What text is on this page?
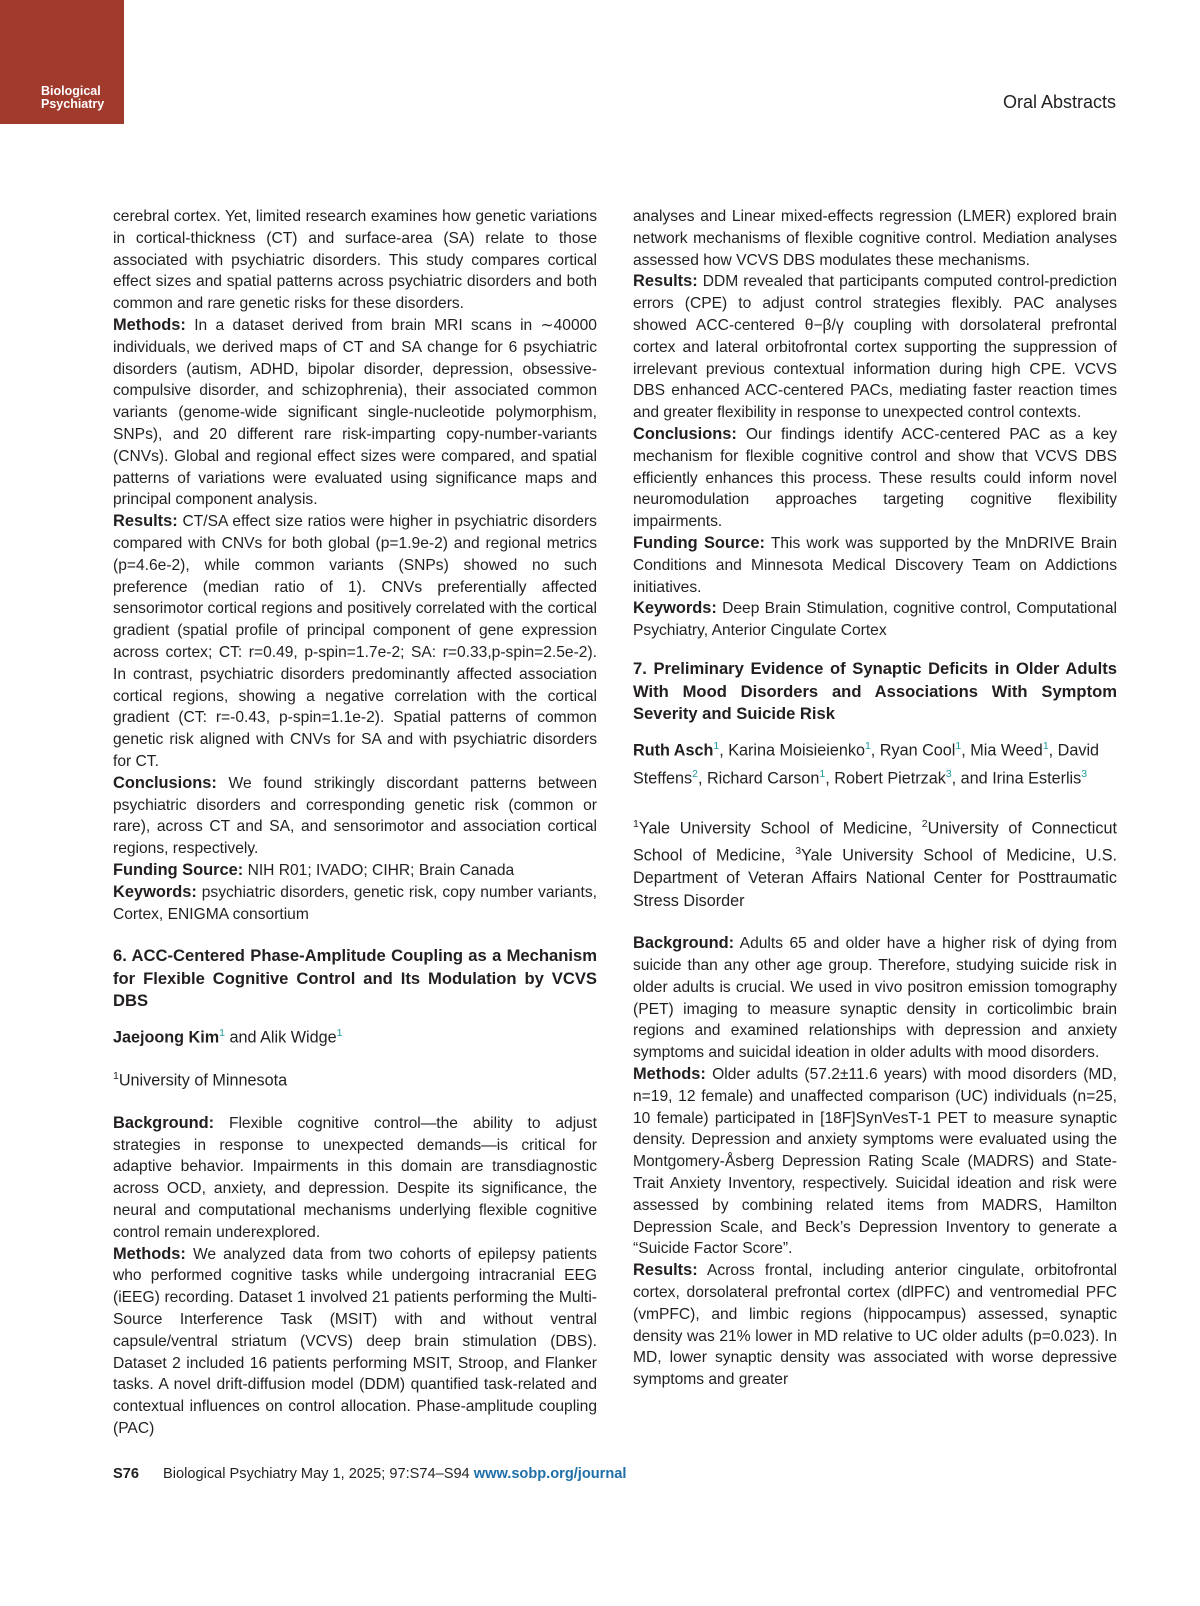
Biological
Psychiatry	Oral Abstracts

cerebral cortex. Yet, limited research examines how genetic variations in cortical-thickness (CT) and surface-area (SA) relate to those associated with psychiatric disorders. This study compares cortical effect sizes and spatial patterns across psychiatric disorders and both common and rare genetic risks for these disorders.

Methods: In a dataset derived from brain MRI scans in ∼40000 individuals, we derived maps of CT and SA change for 6 psychiatric disorders (autism, ADHD, bipolar disorder, depression, obsessive-compulsive disorder, and schizophrenia), their associated common variants (genome-wide significant single-nucleotide polymorphism, SNPs), and 20 different rare risk-imparting copy-number-variants (CNVs). Global and regional effect sizes were compared, and spatial patterns of variations were evaluated using significance maps and principal component analysis.

Results: CT/SA effect size ratios were higher in psychiatric disorders compared with CNVs for both global (p=1.9e-2) and regional metrics (p=4.6e-2), while common variants (SNPs) showed no such preference (median ratio of 1). CNVs preferentially affected sensorimotor cortical regions and positively correlated with the cortical gradient (spatial profile of principal component of gene expression across cortex; CT: r=0.49, p-spin=1.7e-2; SA: r=0.33,p-spin=2.5e-2). In contrast, psychiatric disorders predominantly affected association cortical regions, showing a negative correlation with the cortical gradient (CT: r=-0.43, p-spin=1.1e-2). Spatial patterns of common genetic risk aligned with CNVs for SA and with psychiatric disorders for CT.

Conclusions: We found strikingly discordant patterns between psychiatric disorders and corresponding genetic risk (common or rare), across CT and SA, and sensorimotor and association cortical regions, respectively.

Funding Source: NIH R01; IVADO; CIHR; Brain Canada

Keywords: psychiatric disorders, genetic risk, copy number variants, Cortex, ENIGMA consortium

6. ACC-Centered Phase-Amplitude Coupling as a Mechanism for Flexible Cognitive Control and Its Modulation by VCVS DBS

Jaejoong Kim$^1$ and Alik Widge$^1$

$^1$University of Minnesota

Background: Flexible cognitive control—the ability to adjust strategies in response to unexpected demands—is critical for adaptive behavior. Impairments in this domain are transdiagnostic across OCD, anxiety, and depression. Despite its significance, the neural and computational mechanisms underlying flexible cognitive control remain underexplored.

Methods: We analyzed data from two cohorts of epilepsy patients who performed cognitive tasks while undergoing intracranial EEG (iEEG) recording. Dataset 1 involved 21 patients performing the Multi-Source Interference Task (MSIT) with and without ventral capsule/ventral striatum (VCVS) deep brain stimulation (DBS). Dataset 2 included 16 patients performing MSIT, Stroop, and Flanker tasks. A novel drift-diffusion model (DDM) quantified task-related and contextual influences on control allocation. Phase-amplitude coupling (PAC)

analyses and Linear mixed-effects regression (LMER) explored brain network mechanisms of flexible cognitive control. Mediation analyses assessed how VCVS DBS modulates these mechanisms.

Results: DDM revealed that participants computed control-prediction errors (CPE) to adjust control strategies flexibly. PAC analyses showed ACC-centered θ−β/γ coupling with dorsolateral prefrontal cortex and lateral orbitofrontal cortex supporting the suppression of irrelevant previous contextual information during high CPE. VCVS DBS enhanced ACC-centered PACs, mediating faster reaction times and greater flexibility in response to unexpected control contexts.

Conclusions: Our findings identify ACC-centered PAC as a key mechanism for flexible cognitive control and show that VCVS DBS efficiently enhances this process. These results could inform novel neuromodulation approaches targeting cognitive flexibility impairments.

Funding Source: This work was supported by the MnDRIVE Brain Conditions and Minnesota Medical Discovery Team on Addictions initiatives.

Keywords: Deep Brain Stimulation, cognitive control, Computational Psychiatry, Anterior Cingulate Cortex

7. Preliminary Evidence of Synaptic Deficits in Older Adults With Mood Disorders and Associations With Symptom Severity and Suicide Risk

Ruth Asch$^1$, Karina Moisieienko$^1$, Ryan Cool$^1$, Mia Weed$^1$, David Steffens$^2$, Richard Carson$^1$, Robert Pietrzak$^3$, and Irina Esterlis$^3$

$^1$Yale University School of Medicine, $^2$University of Connecticut School of Medicine, $^3$Yale University School of Medicine, U.S. Department of Veteran Affairs National Center for Posttraumatic Stress Disorder

Background: Adults 65 and older have a higher risk of dying from suicide than any other age group. Therefore, studying suicide risk in older adults is crucial. We used in vivo positron emission tomography (PET) imaging to measure synaptic density in corticolimbic brain regions and examined relationships with depression and anxiety symptoms and suicidal ideation in older adults with mood disorders.

Methods: Older adults (57.2±11.6 years) with mood disorders (MD, n=19, 12 female) and unaffected comparison (UC) individuals (n=25, 10 female) participated in [18F]SynVesT-1 PET to measure synaptic density. Depression and anxiety symptoms were evaluated using the Montgomery-Åsberg Depression Rating Scale (MADRS) and State-Trait Anxiety Inventory, respectively. Suicidal ideation and risk were assessed by combining related items from MADRS, Hamilton Depression Scale, and Beck’s Depression Inventory to generate a “Suicide Factor Score”.

Results: Across frontal, including anterior cingulate, orbitofrontal cortex, dorsolateral prefrontal cortex (dlPFC) and ventromedial PFC (vmPFC), and limbic regions (hippocampus) assessed, synaptic density was 21% lower in MD relative to UC older adults (p=0.023). In MD, lower synaptic density was associated with worse depressive symptoms and greater

S76 Biological Psychiatry May 1, 2025; 97:S74–S94 www.sobp.org/journal
